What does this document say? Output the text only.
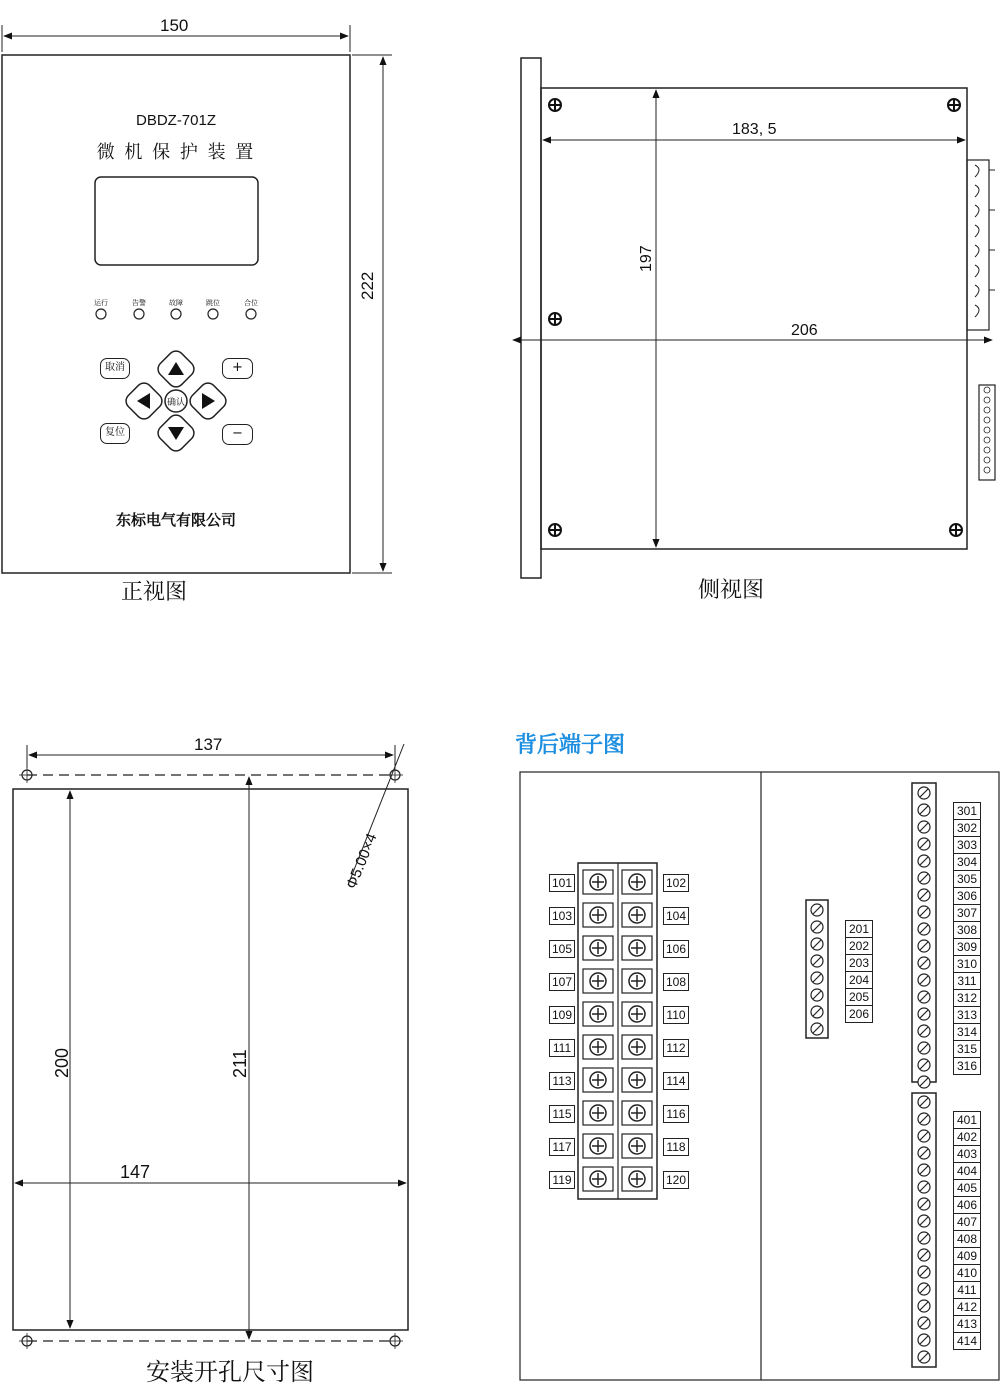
150
222
DBDZ-701Z
微 机 保 护 装 置
运行	告警	故障	跳位	合位
取消
复位
+
−
确认
东标电气有限公司
正视图
183, 5
197
206
侧视图
137
Φ5.00×4
200	211
147
安装开孔尺寸图
背后端子图
101
103
105
107
109
111
113
115
117
119
102
104
106
108
110
112
114
116
118
120
201
202
203
204
205
206
301
302
303
304
305
306
307
308
309
310
311
312
313
314
315
316
401
402
403
404
405
406
407
408
409
410
411
412
413
414
